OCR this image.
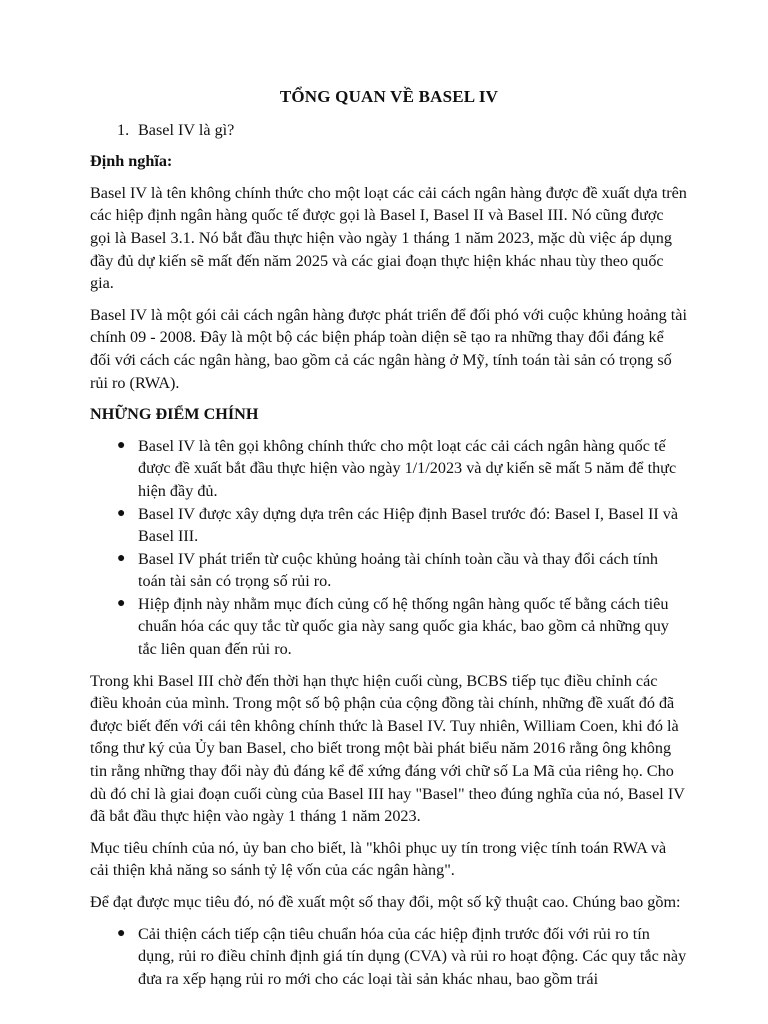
TỔNG QUAN VỀ BASEL IV
1. Basel IV là gì?
Định nghĩa:

Basel IV là tên không chính thức cho một loạt các cải cách ngân hàng được đề xuất dựa trên các hiệp định ngân hàng quốc tế được gọi là Basel I, Basel II và Basel III. Nó cũng được gọi là Basel 3.1. Nó bắt đầu thực hiện vào ngày 1 tháng 1 năm 2023, mặc dù việc áp dụng đầy đủ dự kiến sẽ mất đến năm 2025 và các giai đoạn thực hiện khác nhau tùy theo quốc gia.

Basel IV là một gói cải cách ngân hàng được phát triển để đối phó với cuộc khủng hoảng tài chính 09 - 2008. Đây là một bộ các biện pháp toàn diện sẽ tạo ra những thay đổi đáng kể đối với cách các ngân hàng, bao gồm cả các ngân hàng ở Mỹ, tính toán tài sản có trọng số rủi ro (RWA).

NHỮNG ĐIỂM CHÍNH
● Basel IV là tên gọi không chính thức cho một loạt các cải cách ngân hàng quốc tế được đề xuất bắt đầu thực hiện vào ngày 1/1/2023 và dự kiến sẽ mất 5 năm để thực hiện đầy đủ.
● Basel IV được xây dựng dựa trên các Hiệp định Basel trước đó: Basel I, Basel II và Basel III.
● Basel IV phát triển từ cuộc khủng hoảng tài chính toàn cầu và thay đổi cách tính toán tài sản có trọng số rủi ro.
● Hiệp định này nhằm mục đích củng cố hệ thống ngân hàng quốc tế bằng cách tiêu chuẩn hóa các quy tắc từ quốc gia này sang quốc gia khác, bao gồm cả những quy tắc liên quan đến rủi ro.

Trong khi Basel III chờ đến thời hạn thực hiện cuối cùng, BCBS tiếp tục điều chỉnh các điều khoản của mình. Trong một số bộ phận của cộng đồng tài chính, những đề xuất đó đã được biết đến với cái tên không chính thức là Basel IV. Tuy nhiên, William Coen, khi đó là tổng thư ký của Ủy ban Basel, cho biết trong một bài phát biểu năm 2016 rằng ông không tin rằng những thay đổi này đủ đáng kể để xứng đáng với chữ số La Mã của riêng họ. Cho dù đó chỉ là giai đoạn cuối cùng của Basel III hay "Basel" theo đúng nghĩa của nó, Basel IV đã bắt đầu thực hiện vào ngày 1 tháng 1 năm 2023.

Mục tiêu chính của nó, ủy ban cho biết, là "khôi phục uy tín trong việc tính toán RWA và cải thiện khả năng so sánh tỷ lệ vốn của các ngân hàng".

Để đạt được mục tiêu đó, nó đề xuất một số thay đổi, một số kỹ thuật cao. Chúng bao gồm:

● Cải thiện cách tiếp cận tiêu chuẩn hóa của các hiệp định trước đối với rủi ro tín dụng, rủi ro điều chỉnh định giá tín dụng (CVA) và rủi ro hoạt động. Các quy tắc này đưa ra xếp hạng rủi ro mới cho các loại tài sản khác nhau, bao gồm trái
